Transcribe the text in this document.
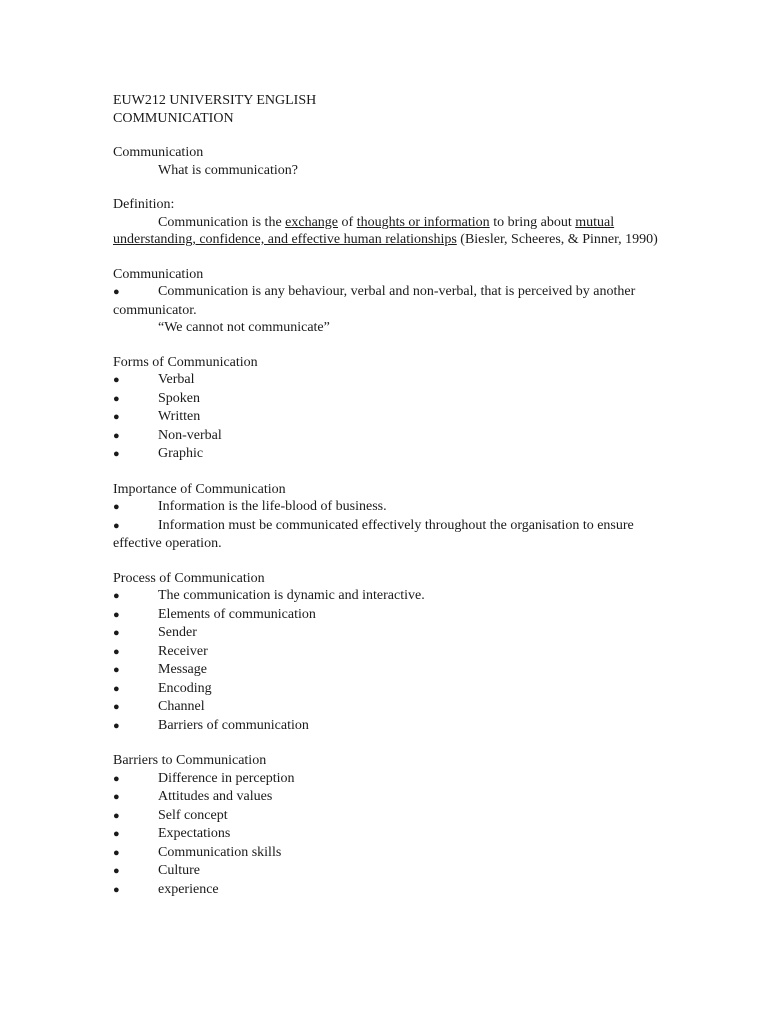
EUW212 UNIVERSITY ENGLISH
COMMUNICATION
Communication
What is communication?
Definition:
Communication is the exchange of thoughts or information to bring about mutual understanding, confidence, and effective human relationships (Biesler, Scheeres, & Pinner, 1990)
Communication
●	Communication is any behaviour, verbal and non-verbal, that is perceived by another communicator.
“We cannot not communicate”
Forms of Communication
●	Verbal
●	Spoken
●	Written
●	Non-verbal
●	Graphic
Importance of Communication
●	Information is the life-blood of business.
●	Information must be communicated effectively throughout the organisation to ensure effective operation.
Process of Communication
●	The communication is dynamic and interactive.
●	Elements of communication
●	Sender
●	Receiver
●	Message
●	Encoding
●	Channel
●	Barriers of communication
Barriers to Communication
●	Difference in perception
●	Attitudes and values
●	Self concept
●	Expectations
●	Communication skills
●	Culture
●	experience
